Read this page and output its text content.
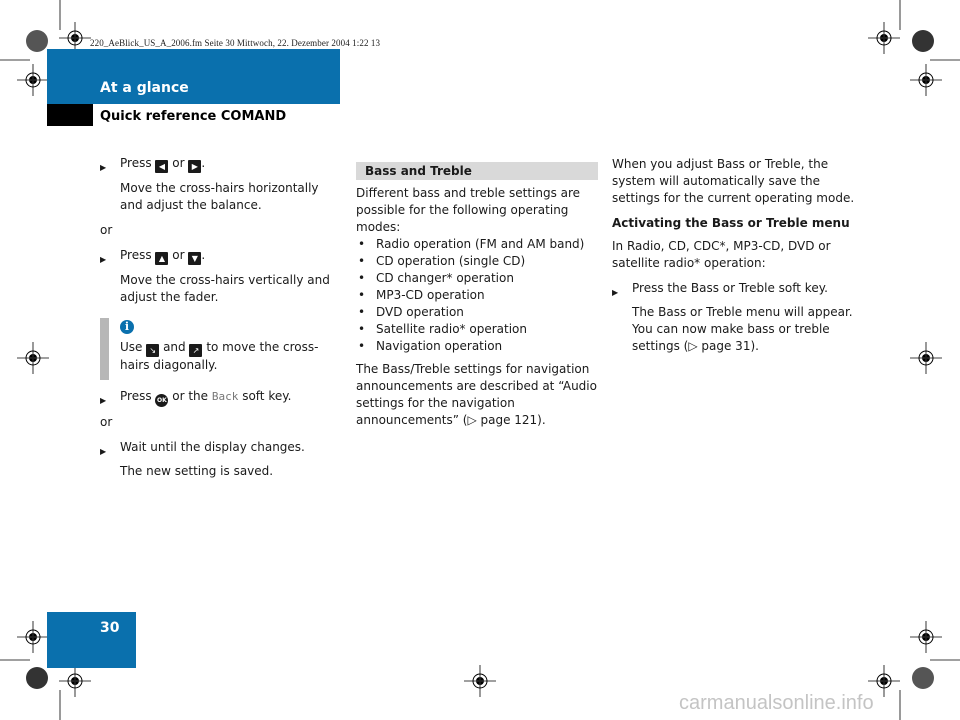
220_AeBlick_US_A_2006.fm Seite 30 Mittwoch, 22. Dezember 2004 1:22 13
At a glance
Quick reference COMAND

▶ Press ◀ or ▶ .

Move the cross-hairs horizontally and adjust the balance.

or

▶ Press ▲ or ▼ .

Move the cross-hairs vertically and adjust the fader.

i

Use ↘ and ↗ to move the cross-hairs diagonally.

▶ Press OK or the Back soft key.

or

▶ Wait until the display changes.

The new setting is saved.

Bass and Treble

Different bass and treble settings are possible for the following operating modes:

• Radio operation (FM and AM band)

• CD operation (single CD)

• CD changer* operation

• MP3-CD operation

• DVD operation

• Satellite radio* operation

• Navigation operation

The Bass/Treble settings for navigation announcements are described at “Audio settings for the navigation announcements” (▷ page 121).

When you adjust Bass or Treble, the system will automatically save the settings for the current operating mode.

Activating the Bass or Treble menu

In Radio, CD, CDC*, MP3-CD, DVD or satellite radio* operation:

▶ Press the Bass or Treble soft key.

The Bass or Treble menu will appear. You can now make bass or treble settings (▷ page 31).

30
carmanualsonline.info
